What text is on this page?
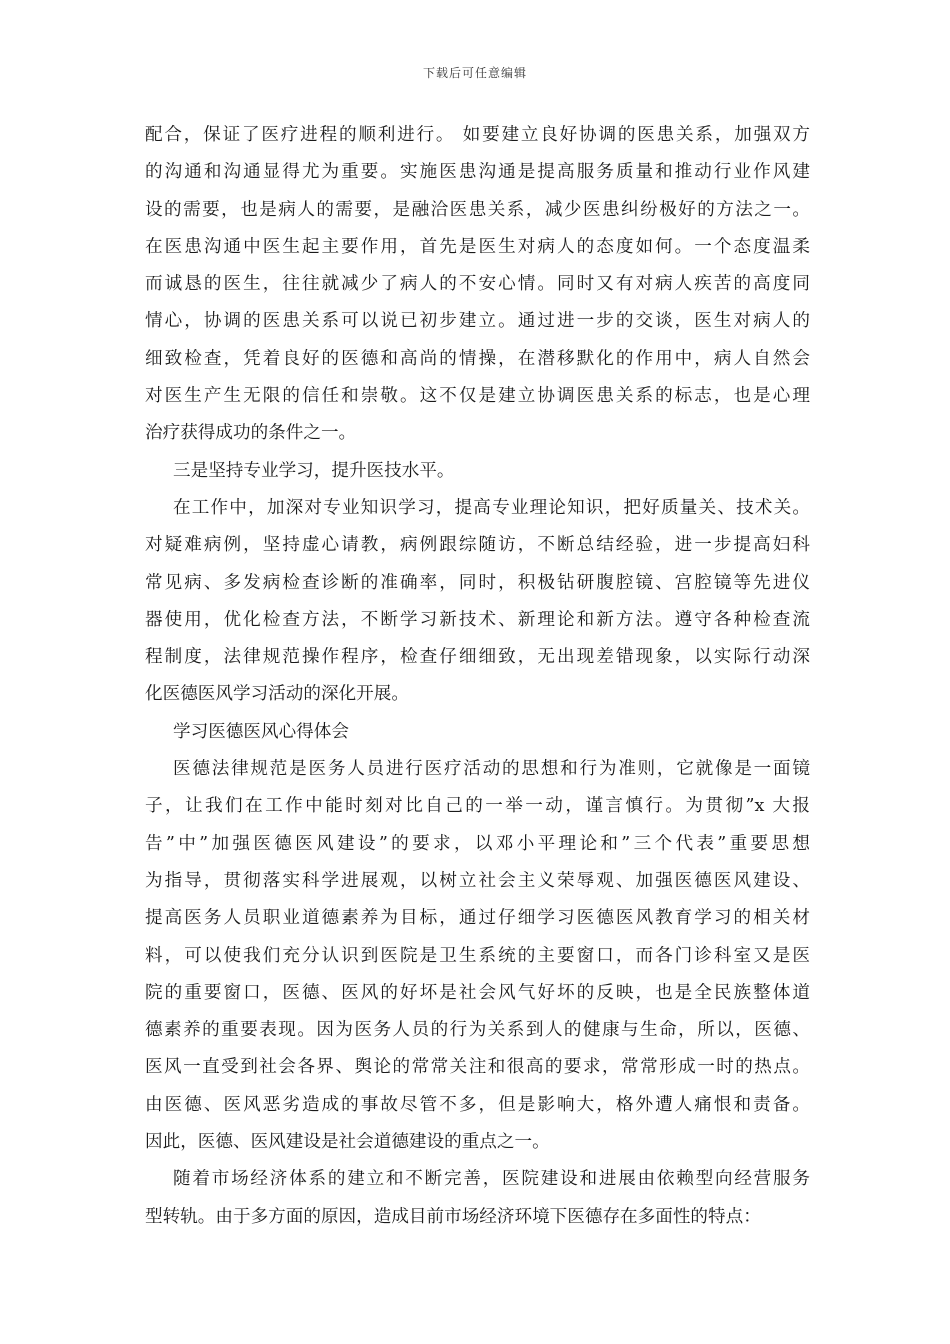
下载后可任意编辑
配合，保证了医疗进程的顺利进行。 如要建立良好协调的医患关系，加强双方
的沟通和沟通显得尤为重要。实施医患沟通是提高服务质量和推动行业作风建
设的需要，也是病人的需要，是融洽医患关系，减少医患纠纷极好的方法之一。
在医患沟通中医生起主要作用，首先是医生对病人的态度如何。一个态度温柔
而诚恳的医生，往往就减少了病人的不安心情。同时又有对病人疾苦的高度同
情心，协调的医患关系可以说已初步建立。通过进一步的交谈，医生对病人的
细致检查，凭着良好的医德和高尚的情操，在潜移默化的作用中，病人自然会
对医生产生无限的信任和崇敬。这不仅是建立协调医患关系的标志，也是心理
治疗获得成功的条件之一。
三是坚持专业学习，提升医技水平。
在工作中，加深对专业知识学习，提高专业理论知识，把好质量关、技术关。
对疑难病例，坚持虚心请教，病例跟综随访，不断总结经验，进一步提高妇科
常见病、多发病检查诊断的准确率，同时，积极钻研腹腔镜、宫腔镜等先进仪
器使用，优化检查方法，不断学习新技术、新理论和新方法。遵守各种检查流
程制度，法律规范操作程序，检查仔细细致，无出现差错现象，以实际行动深
化医德医风学习活动的深化开展。
学习医德医风心得体会
医德法律规范是医务人员进行医疗活动的思想和行为准则，它就像是一面镜
子，让我们在工作中能时刻对比自己的一举一动，谨言慎行。为贯彻”x 大报
告”中”加强医德医风建设”的要求，以邓小平理论和”三个代表”重要思想
为指导，贯彻落实科学进展观，以树立社会主义荣辱观、加强医德医风建设、
提高医务人员职业道德素养为目标，通过仔细学习医德医风教育学习的相关材
料，可以使我们充分认识到医院是卫生系统的主要窗口，而各门诊科室又是医
院的重要窗口，医德、医风的好坏是社会风气好坏的反映，也是全民族整体道
德素养的重要表现。因为医务人员的行为关系到人的健康与生命，所以，医德、
医风一直受到社会各界、舆论的常常关注和很高的要求，常常形成一时的热点。
由医德、医风恶劣造成的事故尽管不多，但是影响大，格外遭人痛恨和责备。
因此，医德、医风建设是社会道德建设的重点之一。
随着市场经济体系的建立和不断完善，医院建设和进展由依赖型向经营服务
型转轨。由于多方面的原因，造成目前市场经济环境下医德存在多面性的特点：
